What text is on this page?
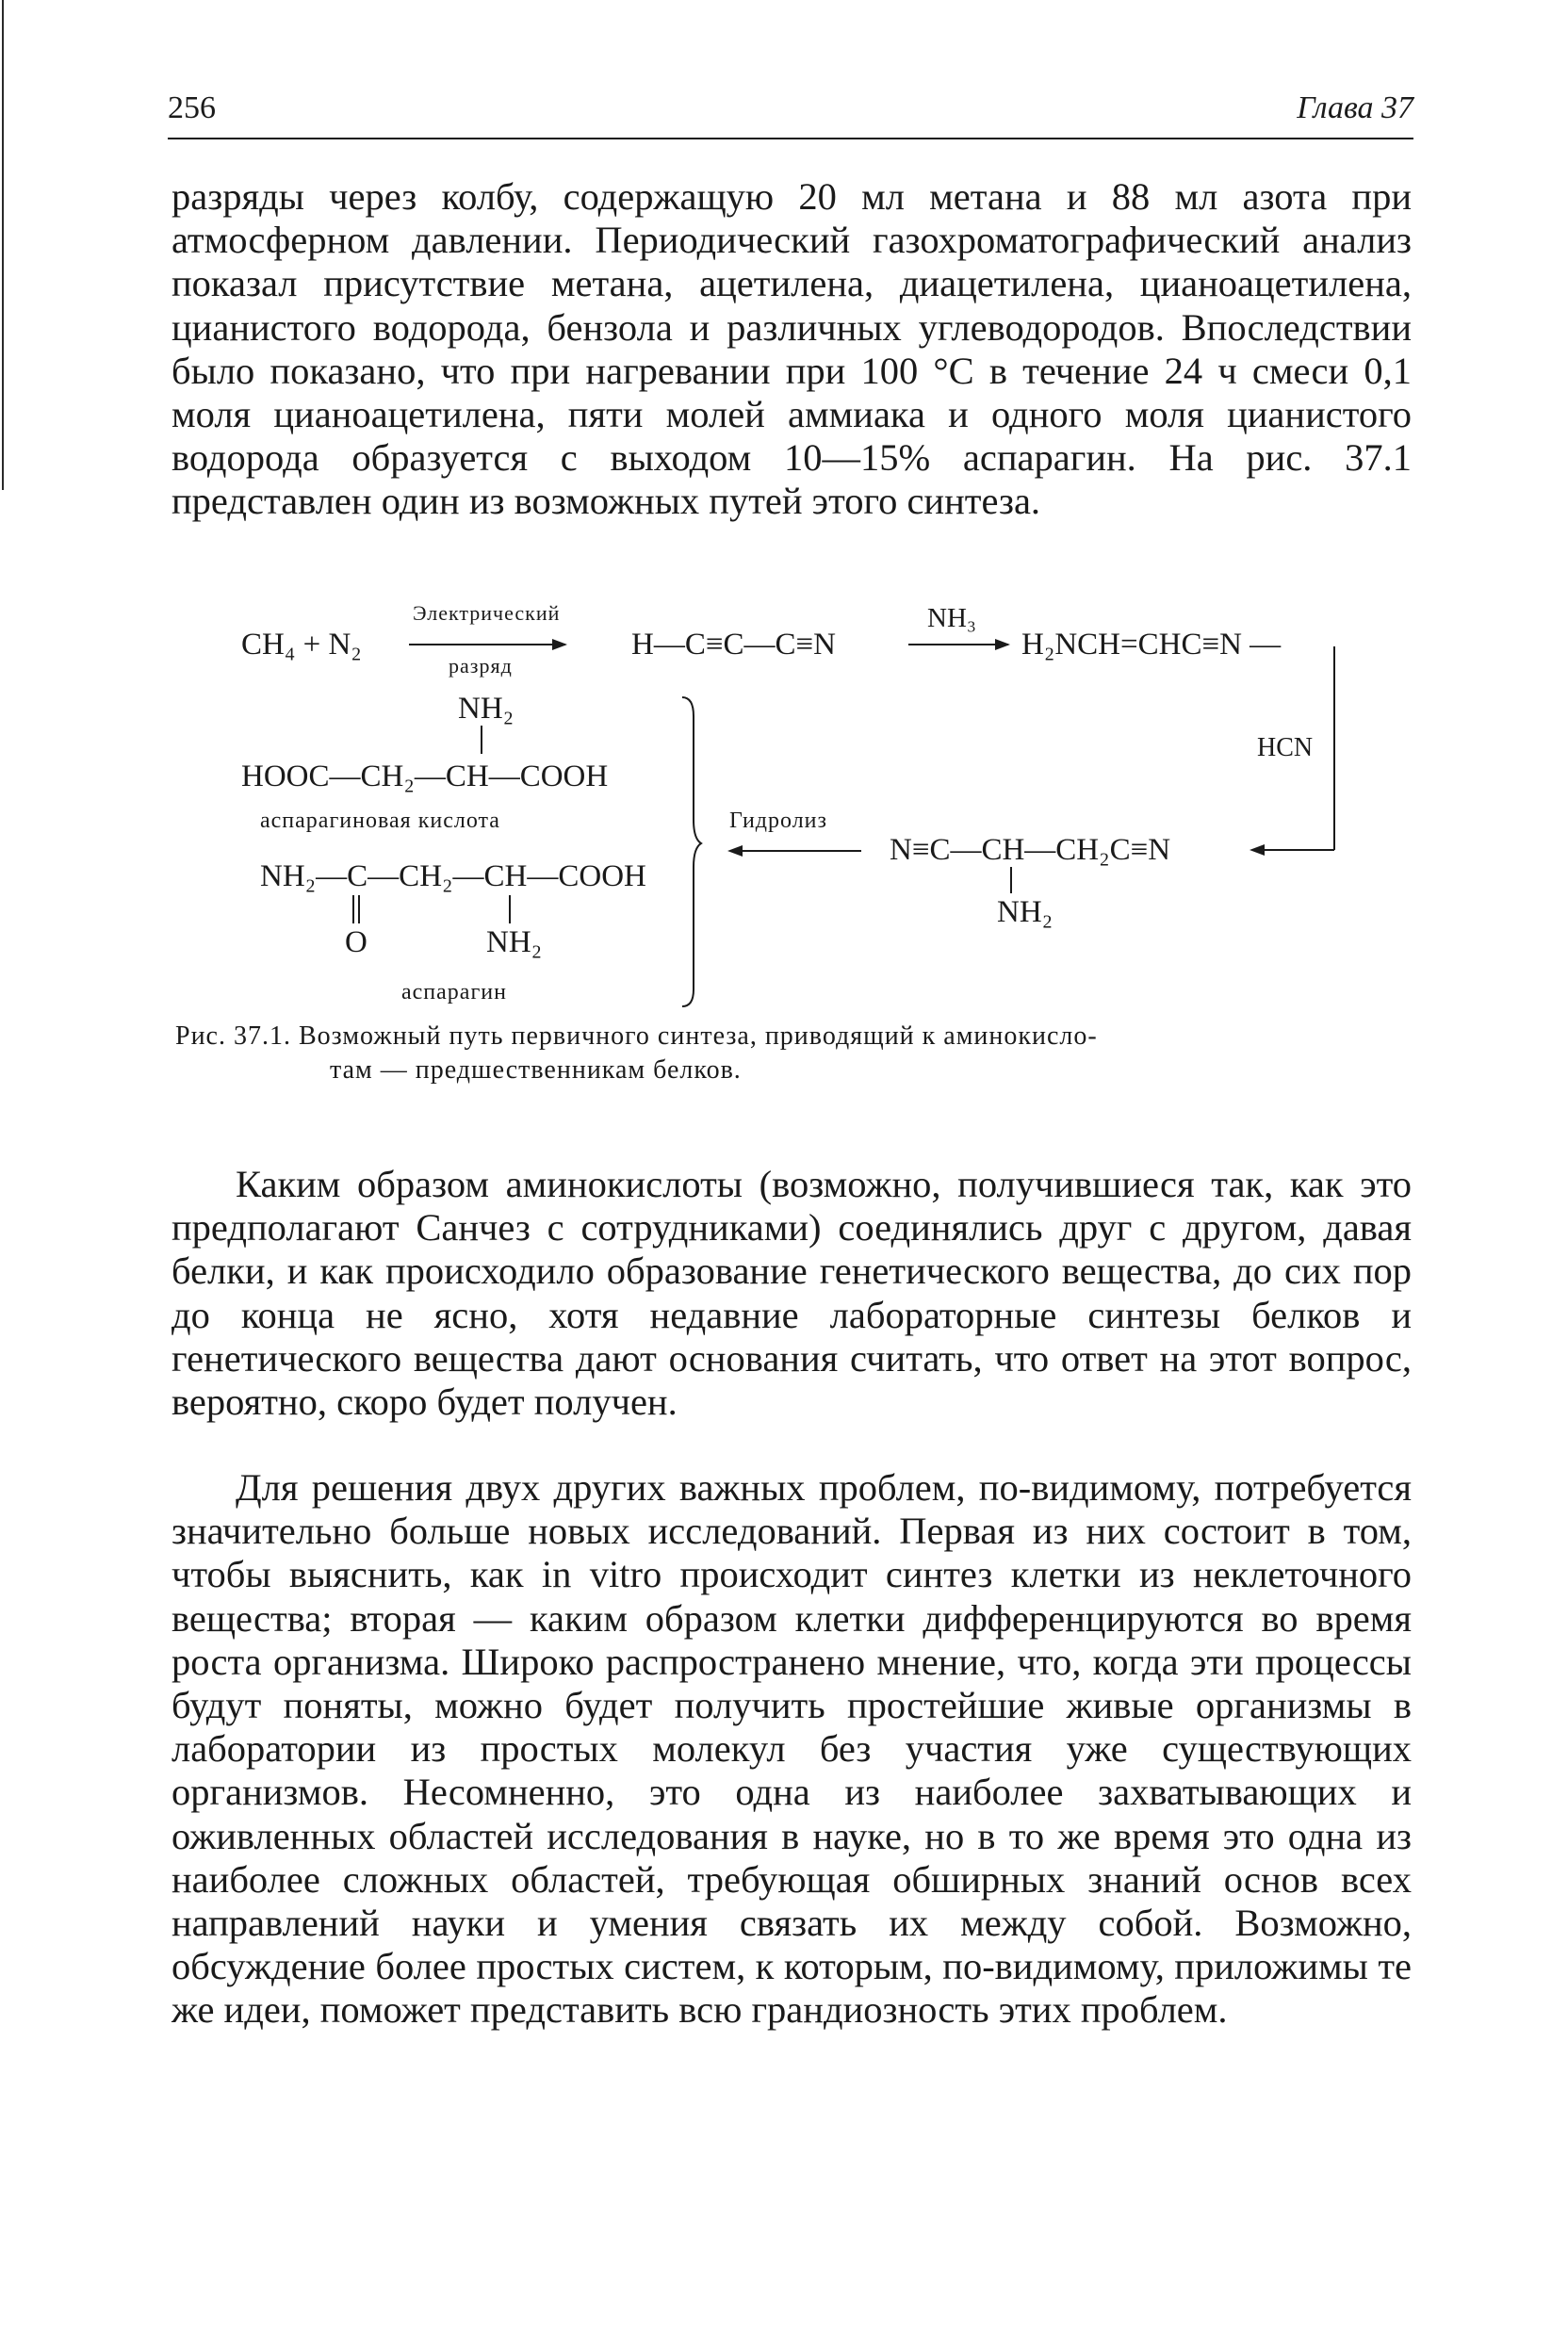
256	Глава 37

разряды через колбу, содержащую 20 мл метана и 88 мл азота при атмосферном давлении. Периодический газохроматографический анализ показал присутствие метана, ацетилена, диацетилена, цианоацетилена, цианистого водорода, бензола и различных углеводородов. Впоследствии было показано, что при нагревании при 100 °С в течение 24 ч смеси 0,1 моля цианоацетилена, пяти молей аммиака и одного моля цианистого водорода образуется с выходом 10—15% аспарагин. На рис. 37.1 представлен один из возможных путей этого синтеза.

CH₄ + N₂
Электрический
разряд
H—C≡C—C≡N
NH₃
H₂NCH=CHC≡N —
NH₂
HOOC—CH₂—CH—COOH
аспарагиновая кислота
HCN
Гидролиз
N≡C—CH—CH₂C≡N
NH₂
NH₂—C—CH₂—CH—COOH
O	NH₂
аспарагин
Рис. 37.1. Возможный путь первичного синтеза, приводящий к аминокисло-
там — предшественникам белков.

Каким образом аминокислоты (возможно, получившиеся так, как это предполагают Санчез с сотрудниками) соединялись друг с другом, давая белки, и как происходило образование генетического вещества, до сих пор до конца не ясно, хотя недавние лабораторные синтезы белков и генетического вещества дают основания считать, что ответ на этот вопрос, вероятно, скоро будет получен.

Для решения двух других важных проблем, по-видимому, потребуется значительно больше новых исследований. Первая из них состоит в том, чтобы выяснить, как in vitro происходит синтез клетки из неклеточного вещества; вторая — каким образом клетки дифференцируются во время роста организма. Широко распространено мнение, что, когда эти процессы будут поняты, можно будет получить простейшие живые организмы в лаборатории из простых молекул без участия уже существующих организмов. Несомненно, это одна из наиболее захватывающих и оживленных областей исследования в науке, но в то же время это одна из наиболее сложных областей, требующая обширных знаний основ всех направлений науки и умения связать их между собой. Возможно, обсуждение более простых систем, к которым, по-видимому, приложимы те же идеи, поможет представить всю грандиозность этих проблем.
